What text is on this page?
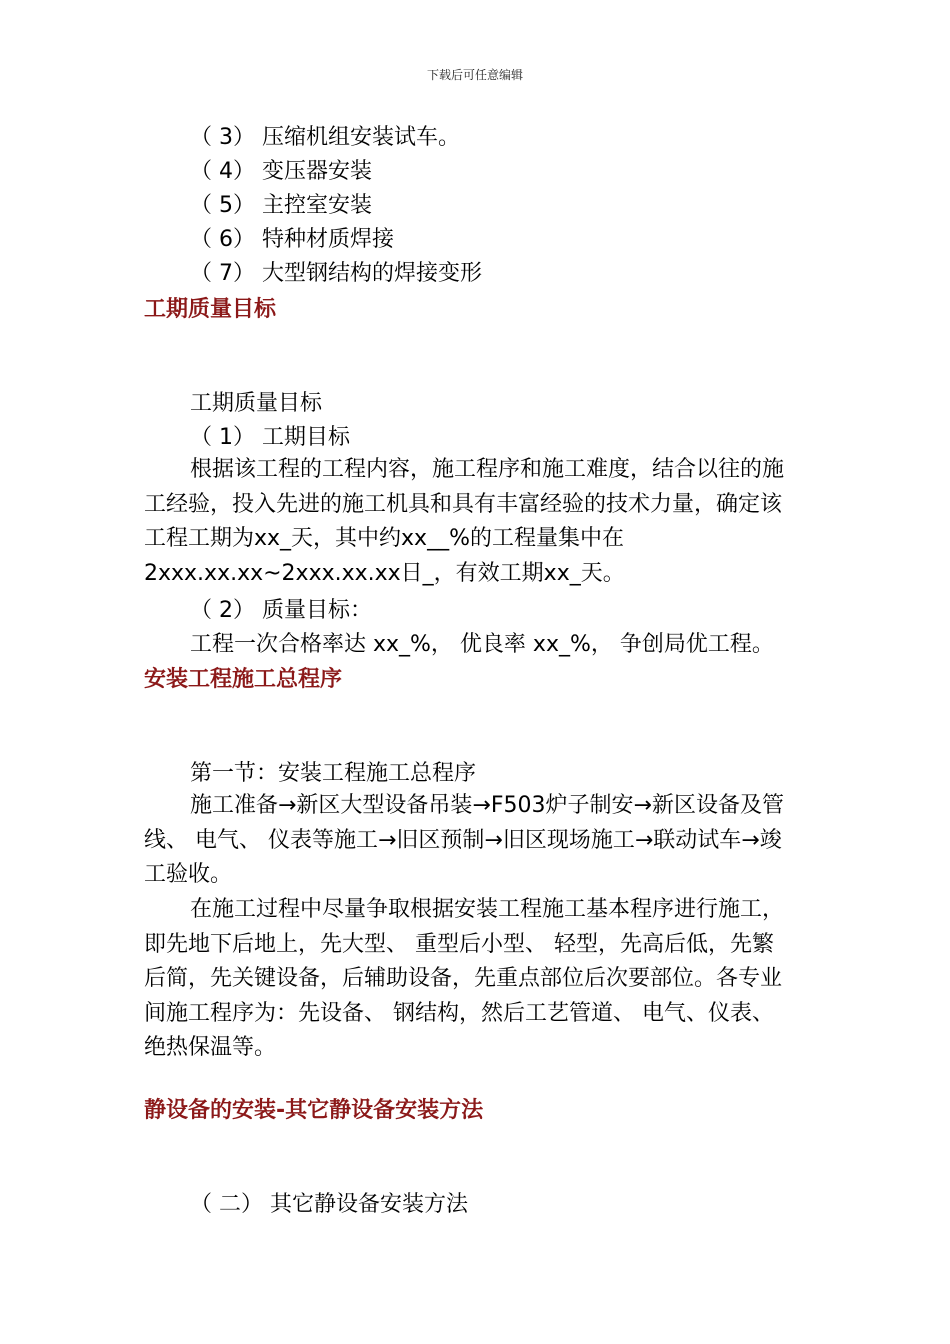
下载后可任意编辑
（ 3） 压缩机组安装试车。
（ 4） 变压器安装
（ 5） 主控室安装
（ 6） 特种材质焊接
（ 7） 大型钢结构的焊接变形
工期质量目标
工期质量目标
（ 1） 工期目标
根据该工程的工程内容，施工程序和施工难度，结合以往的施工经验，投入先进的施工机具和具有丰富经验的技术力量，确定该工程工期为xx_天，其中约xx__%的工程量集中在2xxx.xx.xx~2xxx.xx.xx日_，有效工期xx_天。
（ 2） 质量目标：
工程一次合格率达 xx_%， 优良率 xx_%， 争创局优工程。
安装工程施工总程序
第一节：安装工程施工总程序
施工准备→新区大型设备吊装→F503炉子制安→新区设备及管线、 电气、 仪表等施工→旧区预制→旧区现场施工→联动试车→竣工验收。
在施工过程中尽量争取根据安装工程施工基本程序进行施工，即先地下后地上，先大型、 重型后小型、 轻型，先高后低，先繁后简，先关键设备，后辅助设备，先重点部位后次要部位。各专业间施工程序为：先设备、 钢结构，然后工艺管道、 电气、仪表、 绝热保温等。
静设备的安装-其它静设备安装方法
（ 二） 其它静设备安装方法
